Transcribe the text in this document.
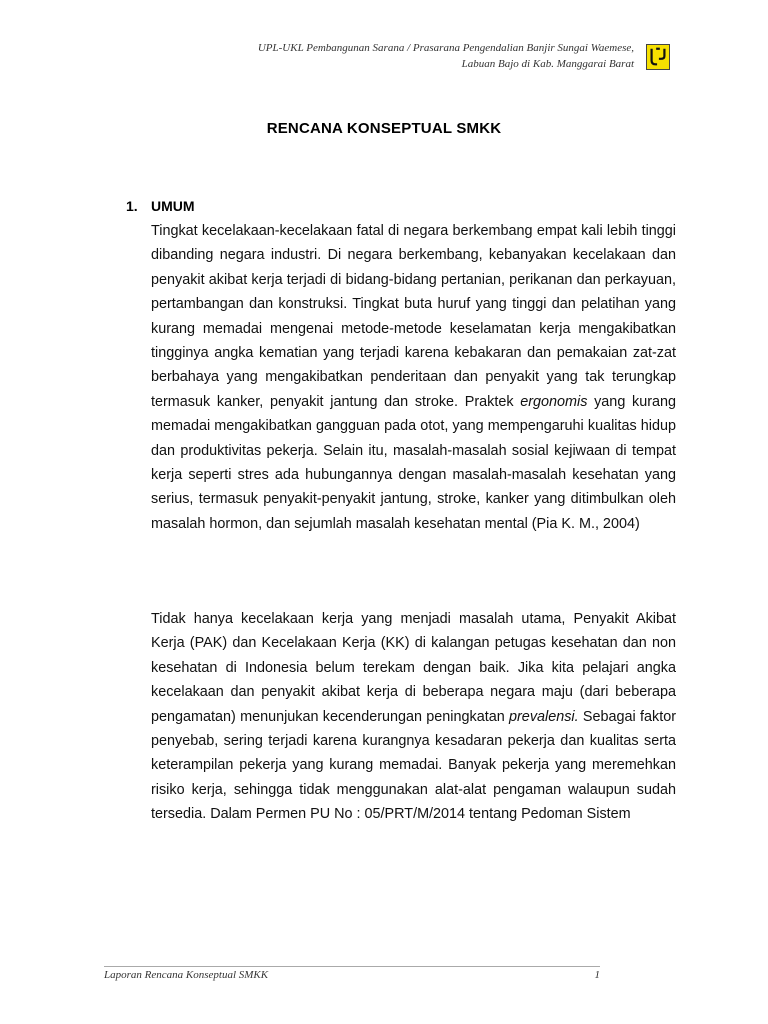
UPL-UKL Pembangunan Sarana / Prasarana Pengendalian Banjir Sungai Wae​mese,
Labuan Bajo di Kab. Manggarai Barat
RENCANA KONSEPTUAL SMKK
1. UMUM

Tingkat kecelakaan-kecelakaan fatal di negara berkembang empat kali lebih tinggi dibanding negara industri. Di negara berkembang, kebanyakan kecelakaan dan penyakit akibat kerja terjadi di bidang-bidang pertanian, perikanan dan perkayuan, pertambangan dan konstruksi. Tingkat buta huruf yang tinggi dan pelatihan yang kurang memadai mengenai metode-metode keselamatan kerja mengakibatkan tingginya angka kematian yang terjadi karena kebakaran dan pemakaian zat-zat berbahaya yang mengakibatkan penderitaan dan penyakit yang tak terungkap termasuk kanker, penyakit jantung dan stroke. Praktek ergonomis yang kurang memadai mengakibatkan gangguan pada otot, yang mempengaruhi kualitas hidup dan produktivitas pekerja. Selain itu, masalah-masalah sosial kejiwaan di tempat kerja seperti stres ada hubungannya dengan masalah-masalah kesehatan yang serius, termasuk penyakit-penyakit jantung, stroke, kanker yang ditimbulkan oleh masalah hormon, dan sejumlah masalah kesehatan mental (Pia K. M., 2004)

Tidak hanya kecelakaan kerja yang menjadi masalah utama, Penyakit Akibat Kerja (PAK) dan Kecelakaan Kerja (KK) di kalangan petugas kesehatan dan non kesehatan di Indonesia belum terekam dengan baik. Jika kita pelajari angka kecelakaan dan penyakit akibat kerja di beberapa negara maju (dari beberapa pengamatan) menunjukan kecenderungan peningkatan prevalensi. Sebagai faktor penyebab, sering terjadi karena kurangnya kesadaran pekerja dan kualitas serta keterampilan pekerja yang kurang memadai. Banyak pekerja yang meremehkan risiko kerja, sehingga tidak menggunakan alat-alat pengaman walaupun sudah tersedia. Dalam Permen PU No : 05/PRT/M/2014 tentang Pedoman Sistem

Laporan Rencana Konseptual SMKK	1
